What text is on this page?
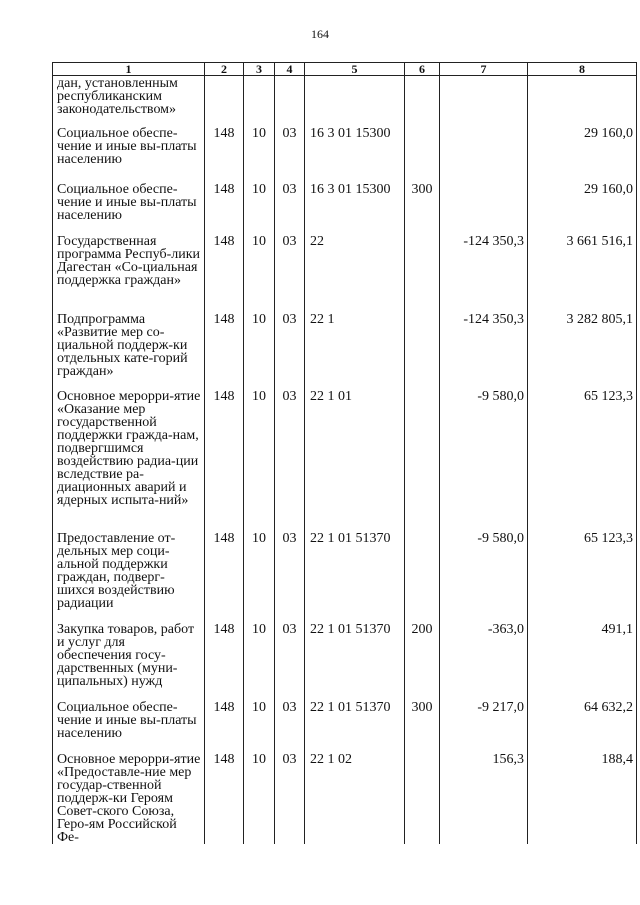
164
1	2	3	4	5	6	7	8
дан, установленным республиканским законодательством»							
Социальное обеспе-чение и иные вы-платы населению	148	10	03	16 3 01 15300			29 160,0
Социальное обеспе-чение и иные вы-платы населению	148	10	03	16 3 01 15300	300		29 160,0
Государственная программа Респуб-лики Дагестан «Со-циальная поддержка граждан»	148	10	03	22		-124 350,3	3 661 516,1
Подпрограмма «Развитие мер со-циальной поддерж-ки отдельных кате-горий граждан»	148	10	03	22 1		-124 350,3	3 282 805,1
Основное мероpри-ятие «Оказание мер государственной поддержки гражда-нам, подвергшимся воздействию радиа-ции вследствие ра-диационных аварий и ядерных испыта-ний»	148	10	03	22 1 01		-9 580,0	65 123,3
Предоставление от-дельных мер соци-альной поддержки граждан, подверг-шихся воздействию радиации	148	10	03	22 1 01 51370		-9 580,0	65 123,3
Закупка товаров, работ и услуг для обеспечения госу-дарственных (муни-ципальных) нужд	148	10	03	22 1 01 51370	200	-363,0	491,1
Социальное обеспе-чение и иные вы-платы населению	148	10	03	22 1 01 51370	300	-9 217,0	64 632,2
Основное мероpри-ятие «Предоставле-ние мер государ-ственной поддерж-ки Героям Совет-ского Союза, Геро-ям Российской Фе-	148	10	03	22 1 02		156,3	188,4
